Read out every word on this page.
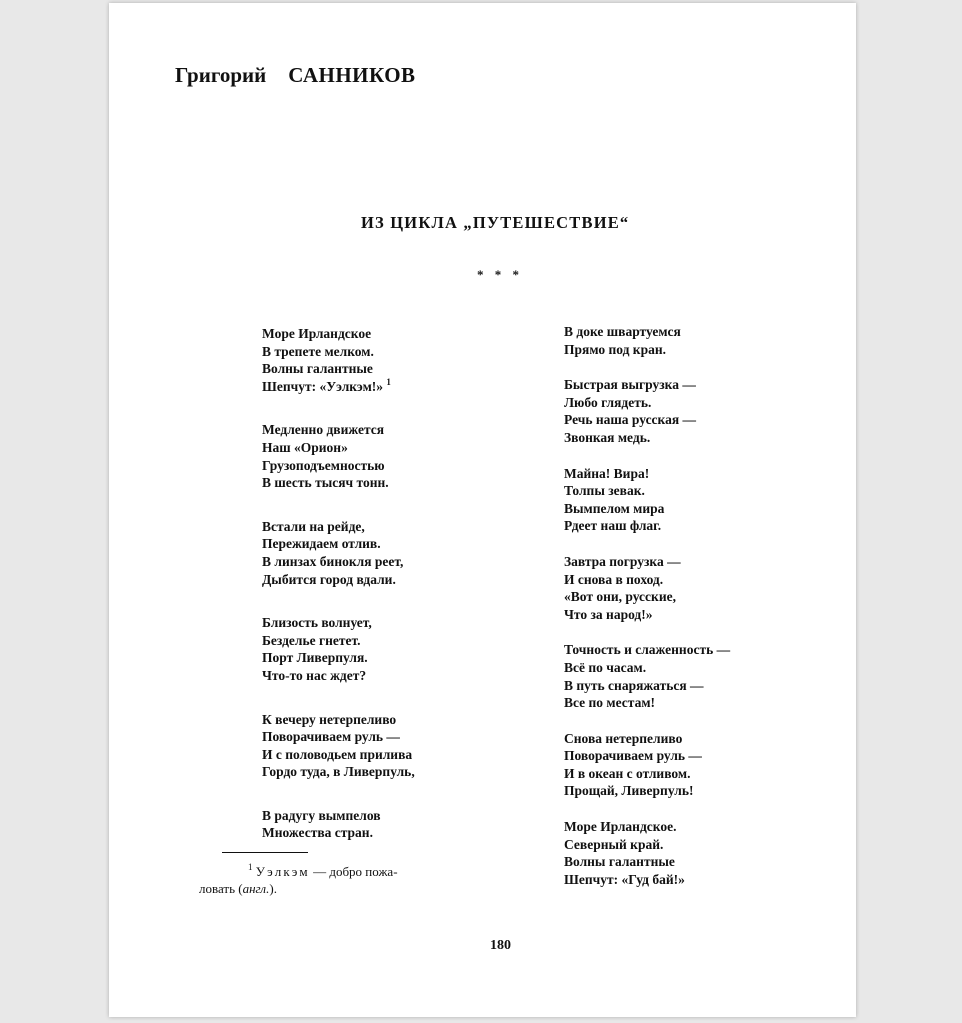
Григорий САННИКОВ
ИЗ ЦИКЛА „ПУТЕШЕСТВИЕ“
* * *
Море Ирландское
В трепете мелком.
Волны галантные
Шепчут: «Уэлкэм!» $^1$
Медленно движется
Наш «Орион»
Грузоподъемностью
В шесть тысяч тонн.
Встали на рейде,
Пережидаем отлив.
В линзах бинокля реет,
Дыбится город вдали.
Близость волнует,
Безделье гнетет.
Порт Ливерпуля.
Что-то нас ждет?
К вечеру нетерпеливо
Поворачиваем руль —
И с половодьем прилива
Гордо туда, в Ливерпуль,
В радугу вымпелов
Множества стран.
В доке швартуемся
Прямо под кран.
Быстрая выгрузка —
Любо глядеть.
Речь наша русская —
Звонкая медь.
Майна! Вира!
Толпы зевак.
Вымпелом мира
Рдеет наш флаг.
Завтра погрузка —
И снова в поход.
«Вот они, русские,
Что за народ!»
Точность и слаженность —
Всё по часам.
В путь снаряжаться —
Все по местам!
Снова нетерпеливо
Поворачиваем руль —
И в океан с отливом.
Прощай, Ливерпуль!
Море Ирландское.
Северный край.
Волны галантные
Шепчут: «Гуд бай!»
$^1$ Уэлкэм — добро пожа-
ловать (англ.).
180
